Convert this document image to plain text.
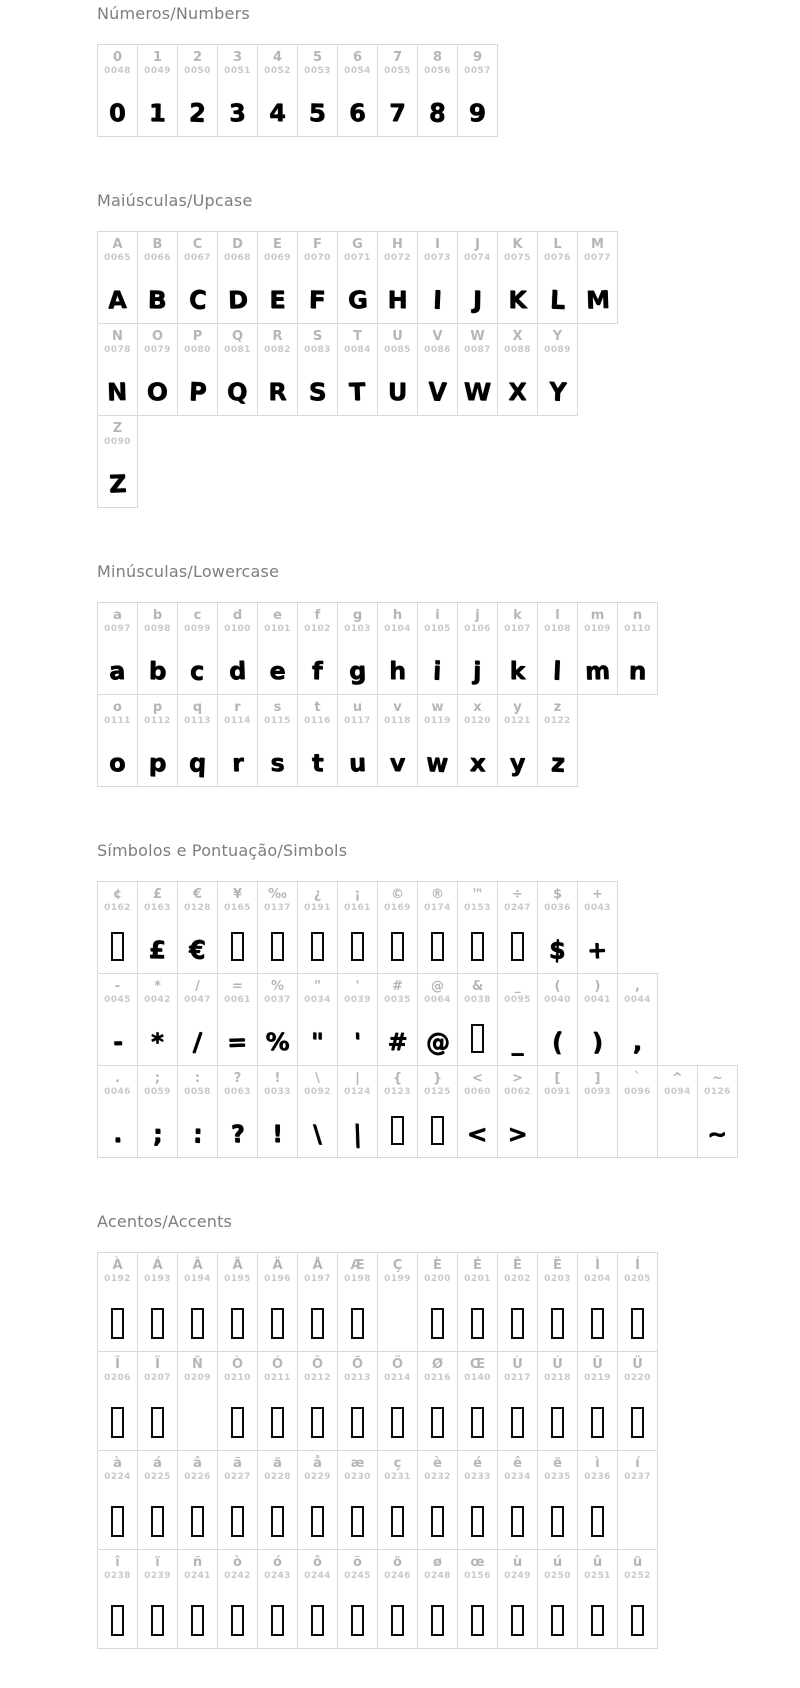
Números/Numbers
0
0048
0
1
0049
1
2
0050
2
3
0051
3
4
0052
4
5
0053
5
6
0054
6
7
0055
7
8
0056
8
9
0057
9
Maiúsculas/Upcase
A
0065
A
B
0066
B
C
0067
C
D
0068
D
E
0069
E
F
0070
F
G
0071
G
H
0072
H
I
0073
I
J
0074
J
K
0075
K
L
0076
L
M
0077
M
N
0078
N
O
0079
O
P
0080
P
Q
0081
Q
R
0082
R
S
0083
S
T
0084
T
U
0085
U
V
0086
V
W
0087
W
X
0088
X
Y
0089
Y
Z
0090
Z
Minúsculas/Lowercase
a
0097
a
b
0098
b
c
0099
c
d
0100
d
e
0101
e
f
0102
f
g
0103
g
h
0104
h
i
0105
i
j
0106
j
k
0107
k
l
0108
l
m
0109
m
n
0110
n
o
0111
o
p
0112
p
q
0113
q
r
0114
r
s
0115
s
t
0116
t
u
0117
u
v
0118
v
w
0119
w
x
0120
x
y
0121
y
z
0122
z
Símbolos e Pontuação/Simbols
¢
0162
£
0163
£
€
0128
€
¥
0165
‰
0137
¿
0191
¡
0161
©
0169
®
0174
™
0153
÷
0247
$
0036
$
+
0043
+
-
0045
-
*
0042
*
/
0047
/
=
0061
=
%
0037
%
"
0034
"
'
0039
'
#
0035
#
@
0064
@
&
0038
_
0095
_
(
0040
(
)
0041
)
,
0044
,
.
0046
.
;
0059
;
:
0058
:
?
0063
?
!
0033
!
\
0092
\
|
0124
|
{
0123
}
0125
<
0060
<
>
0062
>
[
0091
]
0093
`
0096
^
0094
~
0126
~
Acentos/Accents
À
0192
Á
0193
Â
0194
Ã
0195
Ä
0196
Å
0197
Æ
0198
Ç
0199
È
0200
É
0201
Ê
0202
Ë
0203
Ì
0204
Í
0205
Î
0206
Ï
0207
Ñ
0209
Ò
0210
Ó
0211
Ô
0212
Õ
0213
Ö
0214
Ø
0216
Œ
0140
Ù
0217
Ú
0218
Û
0219
Ü
0220
à
0224
á
0225
â
0226
ã
0227
ä
0228
å
0229
æ
0230
ç
0231
è
0232
é
0233
ê
0234
ë
0235
ì
0236
í
0237
î
0238
ï
0239
ñ
0241
ò
0242
ó
0243
ô
0244
õ
0245
ö
0246
ø
0248
œ
0156
ù
0249
ú
0250
û
0251
ü
0252
